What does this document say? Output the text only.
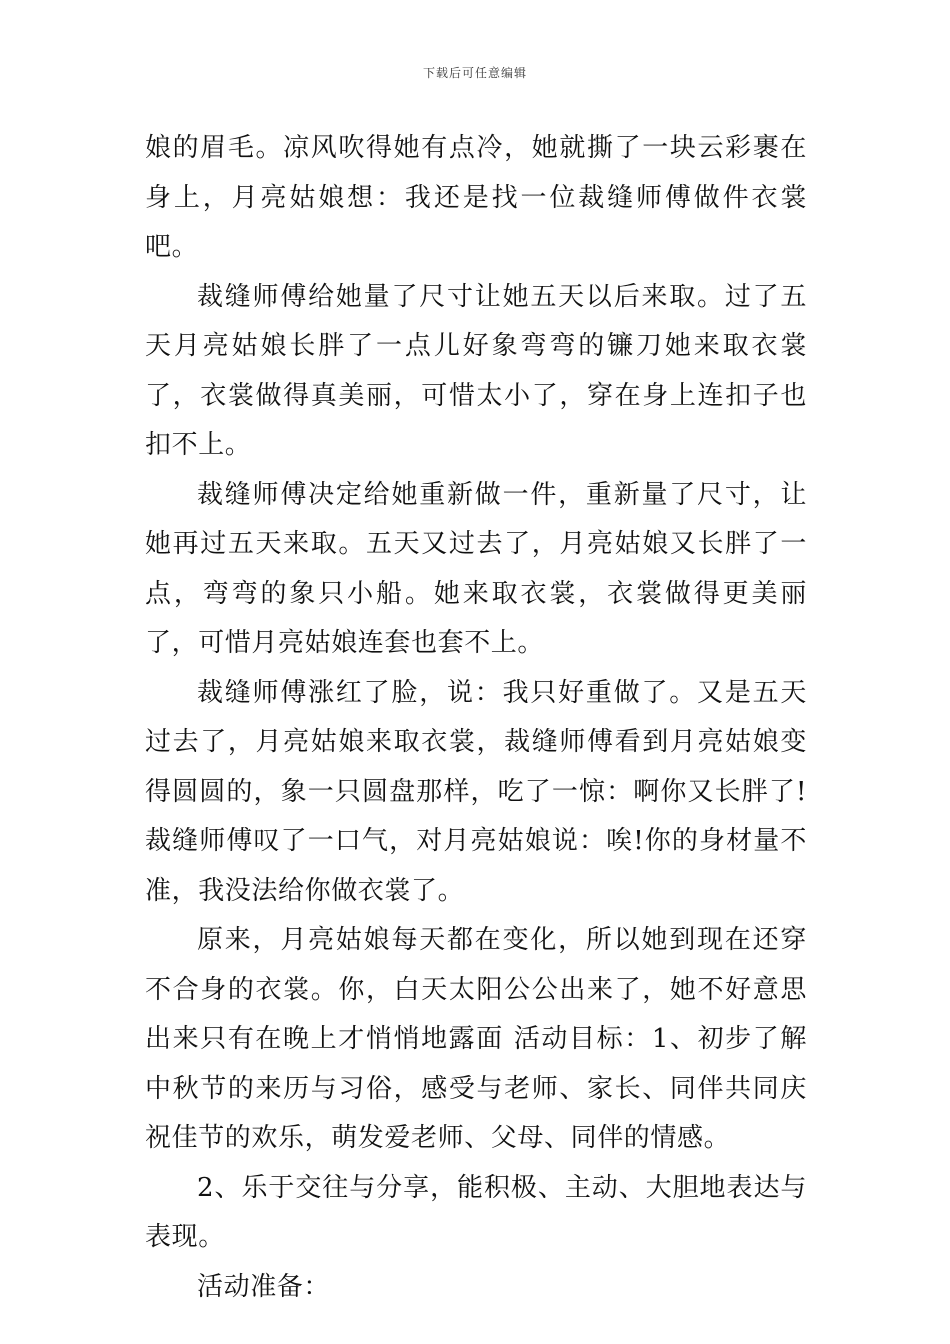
下载后可任意编辑

娘的眉毛。凉风吹得她有点冷，她就撕了一块云彩裹在身上，月亮姑娘想：我还是找一位裁缝师傅做件衣裳吧。

裁缝师傅给她量了尺寸让她五天以后来取。过了五天月亮姑娘长胖了一点儿好象弯弯的镰刀她来取衣裳了，衣裳做得真美丽，可惜太小了，穿在身上连扣子也扣不上。

裁缝师傅决定给她重新做一件，重新量了尺寸，让她再过五天来取。五天又过去了，月亮姑娘又长胖了一点，弯弯的象只小船。她来取衣裳，衣裳做得更美丽了，可惜月亮姑娘连套也套不上。

裁缝师傅涨红了脸，说：我只好重做了。又是五天过去了，月亮姑娘来取衣裳，裁缝师傅看到月亮姑娘变得圆圆的，象一只圆盘那样，吃了一惊：啊你又长胖了!裁缝师傅叹了一口气，对月亮姑娘说：唉!你的身材量不准，我没法给你做衣裳了。

原来，月亮姑娘每天都在变化，所以她到现在还穿不合身的衣裳。你，白天太阳公公出来了，她不好意思出来只有在晚上才悄悄地露面 活动目标：1、初步了解中秋节的来历与习俗，感受与老师、家长、同伴共同庆祝佳节的欢乐，萌发爱老师、父母、同伴的情感。

2、乐于交往与分享，能积极、主动、大胆地表达与表现。

活动准备：
